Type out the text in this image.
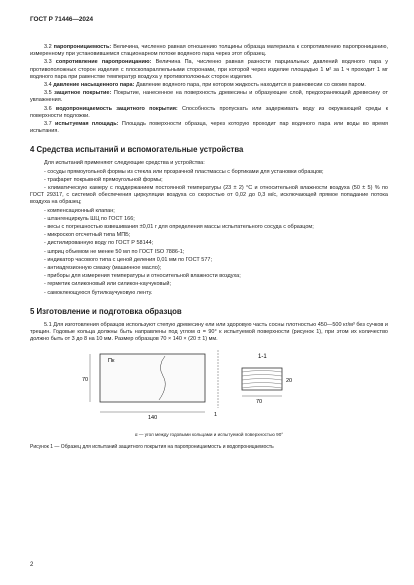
ГОСТ Р 71446—2024

3.2 паропроницаемость: Величина, численно равная отношению толщины образца материала к сопротивлению паропроницанию, измеренному при установившемся стационарном потоке водяного пара через этот образец.

3.3 сопротивление паропроницанию: Величина Па, численно равная разности парциальных давлений водяного пара у противоположных сторон изделия с плоскопараллельными сторонами, при которой через изделие площадью 1 м² за 1 ч проходит 1 мг водяного пара при равенстве температур воздуха у противоположных сторон изделия.

3.4 давление насыщенного пара: Давление водяного пара, при котором жидкость находится в равновесии со своим паром.

3.5 защитное покрытие: Покрытие, нанесенное на поверхность древесины и образующее слой, предохраняющий древесину от увлажнения.

3.6 водопроницаемость защитного покрытия: Способность пропускать или задерживать воду из окружающей среды к поверхности подложки.

3.7 испытуемая площадь: Площадь поверхности образца, через которую проходит пар водяного пара или воды во время испытания.

4 Средства испытаний и вспомогательные устройства

Для испытаний применяют следующие средства и устройства:

- сосуды прямоугольной формы из стекла или прозрачной пластмассы с бортиками для установки образцов;

- трафарет покрывной прямоугольной формы;

- климатическую камеру с поддержанием постоянной температуры (23 ± 2) °С и относительной влажности воздуха (50 ± 5) % по ГОСТ 29317, с системой обеспечения циркуляции воздуха со скоростью от 0,02 до 0,3 м/с, исключающей прямое попадание потока воздуха на образец;

- компенсационный клапан;

- штангенциркуль ШЦ по ГОСТ 166;

- весы с погрешностью взвешивания ±0,01 г для определения массы испытательного сосуда с образцом;

- микроскоп отсчетный типа МПБ;

- дистилированную воду по ГОСТ Р 58144;

- шприц объемом не менее 50 мл по ГОСТ ISO 7886-1;

- индикатор часового типа с ценой деления 0,01 мм по ГОСТ 577;

- антиадгезионную смазку (машинное масло);

- приборы для измерения температуры и относительной влажности воздуха;

- герметик силиконовый или силикон-каучуковый;

- самоклеющуюся бутилкаучуковую ленту.

5 Изготовление и подготовка образцов

5.1 Для изготовления образцов используют степую древесину ели или здоровую часть сосны плотностью 450—500 кг/м³ без сучков и трещин. Годовые кольца должны быть направлены под углом α = 90° к испытуемой поверхности (рисунок 1), при этом их количество должно быть от 3 до 8 на 10 мм. Размер образцов 70 × 140 × (20 ± 1) мм.

Пк
70
140	1
1-1
70
20
α — угол между годовыми кольцами и испытуемой поверхностью 90°
Рисунок 1 — Образец для испытаний защитного покрытия на паропроницаемость и водопроницаемость
2
